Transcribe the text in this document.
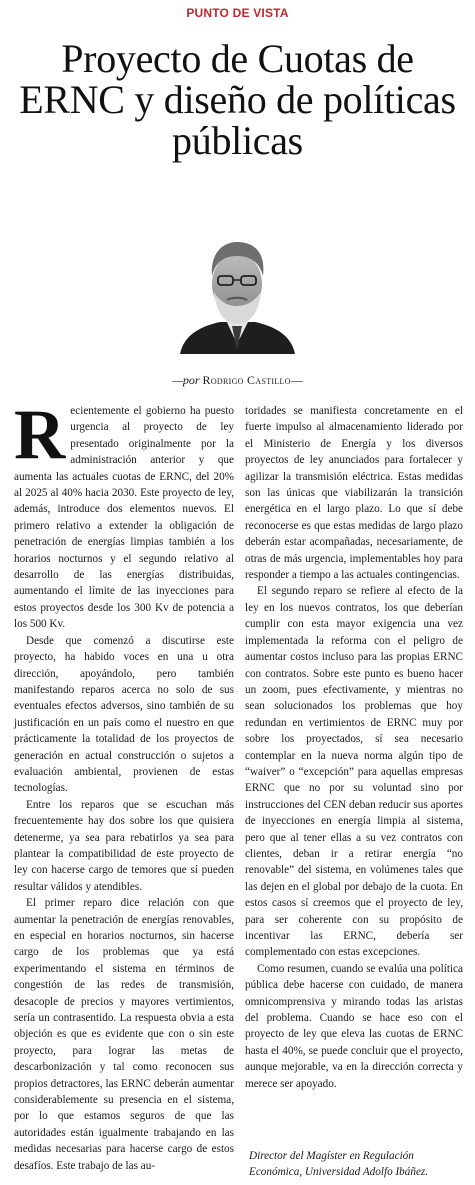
PUNTO DE VISTA
Proyecto de Cuotas de ERNC y diseño de políticas públicas
—por Rodrigo Castillo—

Recientemente el gobierno ha puesto urgencia al proyecto de ley presentado originalmente por la administración anterior y que aumenta las actuales cuotas de ERNC, del 20% al 2025 al 40% hacia 2030. Este proyecto de ley, además, introduce dos elementos nuevos. El primero relativo a extender la obligación de penetración de energías limpias también a los horarios nocturnos y el segundo relativo al desarrollo de las energías distribuidas, aumentando el límite de las inyecciones para estos proyectos desde los 300 Kv de potencia a los 500 Kv.

Desde que comenzó a discutirse este proyecto, ha habido voces en una u otra dirección, apoyándolo, pero también manifestando reparos acerca no solo de sus eventuales efectos adversos, sino también de su justificación en un país como el nuestro en que prácticamente la totalidad de los proyectos de generación en actual construcción o sujetos a evaluación ambiental, provienen de estas tecnologías.

Entre los reparos que se escuchan más frecuentemente hay dos sobre los que quisiera detenerme, ya sea para rebatirlos ya sea para plantear la compatibilidad de este proyecto de ley con hacerse cargo de temores que sí pueden resultar válidos y atendibles.

El primer reparo dice relación con que aumentar la penetración de energías renovables, en especial en horarios nocturnos, sin hacerse cargo de los problemas que ya está experimentando el sistema en términos de congestión de las redes de transmisión, desacople de precios y mayores vertimientos, sería un contrasentido. La respuesta obvia a esta objeción es que es evidente que con o sin este proyecto, para lograr las metas de descarbonización y tal como reconocen sus propios detractores, las ERNC deberán aumentar considerablemente su presencia en el sistema, por lo que estamos seguros de que las autoridades están igualmente trabajando en las medidas necesarias para hacerse cargo de estos desafíos. Este trabajo de las au-

toridades se manifiesta concretamente en el fuerte impulso al almacenamiento liderado por el Ministerio de Energía y los diversos proyectos de ley anunciados para fortalecer y agilizar la transmisión eléctrica. Estas medidas son las únicas que viabilizarán la transición energética en el largo plazo. Lo que sí debe reconocerse es que estas medidas de largo plazo deberán estar acompañadas, necesariamente, de otras de más urgencia, implementables hoy para responder a tiempo a las actuales contingencias.

El segundo reparo se refiere al efecto de la ley en los nuevos contratos, los que deberían cumplir con esta mayor exigencia una vez implementada la reforma con el peligro de aumentar costos incluso para las propias ERNC con contratos. Sobre este punto es bueno hacer un zoom, pues efectivamente, y mientras no sean solucionados los problemas que hoy redundan en vertimientos de ERNC muy por sobre los proyectados, sí sea necesario contemplar en la nueva norma algún tipo de “waiver” o “excepción” para aquellas empresas ERNC que no por su voluntad sino por instrucciones del CEN deban reducir sus aportes de inyecciones en energía limpia al sistema, pero que al tener ellas a su vez contratos con clientes, deban ir a retirar energía “no renovable” del sistema, en volúmenes tales que las dejen en el global por debajo de la cuota. En estos casos sí creemos que el proyecto de ley, para ser coherente con su propósito de incentivar las ERNC, debería ser complementado con estas excepciones.

Como resumen, cuando se evalúa una política pública debe hacerse con cuidado, de manera omnicomprensiva y mirando todas las aristas del problema. Cuando se hace eso con el proyecto de ley que eleva las cuotas de ERNC hasta el 40%, se puede concluir que el proyecto, aunque mejorable, va en la dirección correcta y merece ser apoyado.

Director del Magíster en Regulación Económica, Universidad Adolfo Ibáñez.
